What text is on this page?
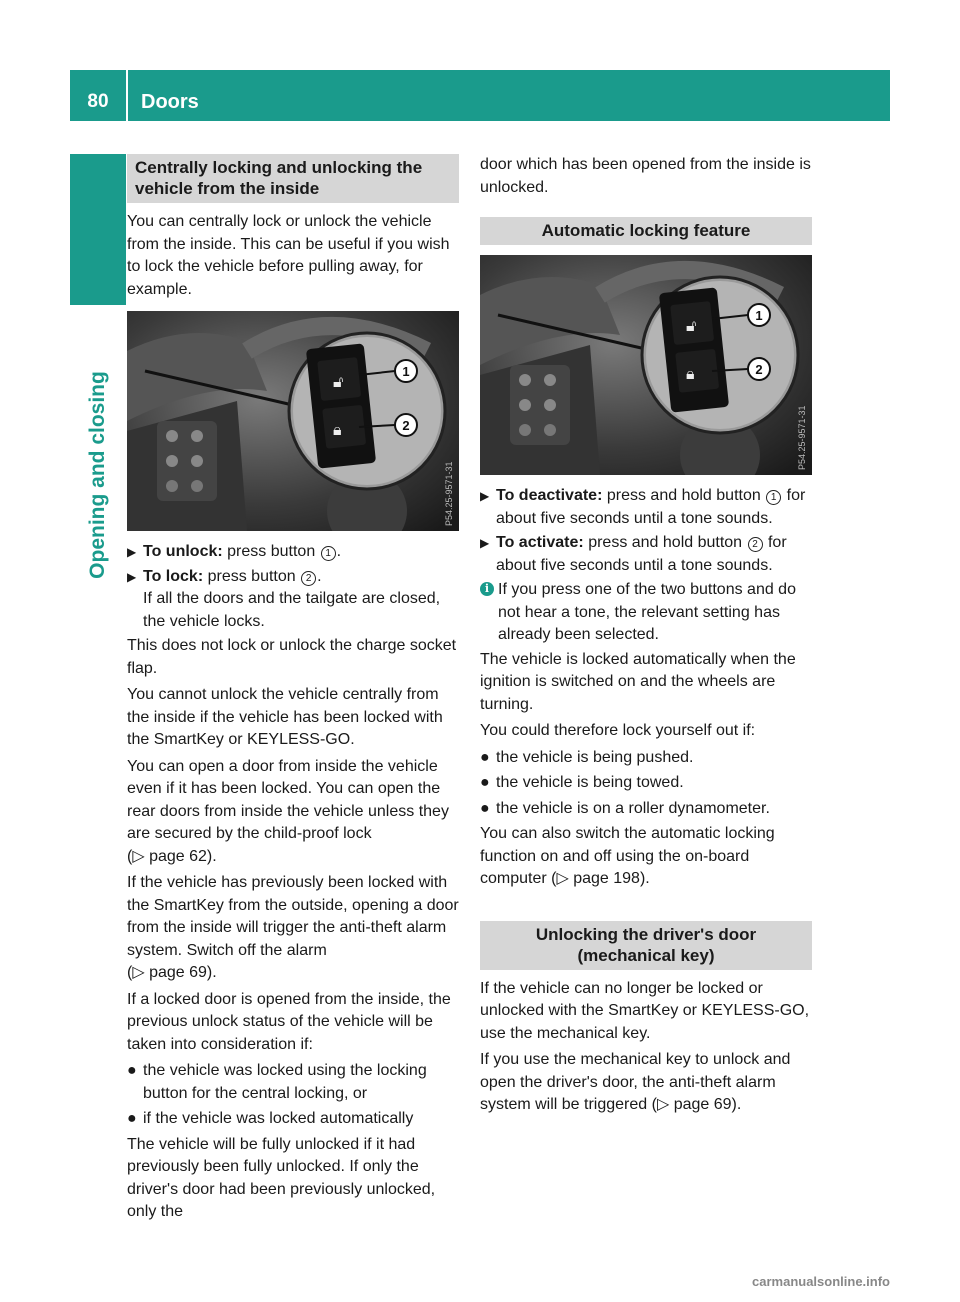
80	Doors
Opening and closing
Centrally locking and unlocking the vehicle from the inside

You can centrally lock or unlock the vehicle from the inside. This can be useful if you wish to lock the vehicle before pulling away, for example.

🔓︎
🔒︎
1
2
P54.25-9571-31
▶ To unlock: press button 1 .
▶ To lock: press button 2 .
If all the doors and the tailgate are closed, the vehicle locks.

This does not lock or unlock the charge socket flap.

You cannot unlock the vehicle centrally from the inside if the vehicle has been locked with the SmartKey or KEYLESS-GO.

You can open a door from inside the vehicle even if it has been locked. You can open the rear doors from inside the vehicle unless they are secured by the child-proof lock
(▷ page 62).

If the vehicle has previously been locked with the SmartKey from the outside, opening a door from the inside will trigger the anti-theft alarm system. Switch off the alarm
(▷ page 69).

If a locked door is opened from the inside, the previous unlock status of the vehicle will be taken into consideration if:

● the vehicle was locked using the locking button for the central locking, or
● if the vehicle was locked automatically

The vehicle will be fully unlocked if it had previously been fully unlocked. If only the driver's door had been previously unlocked, only the

door which has been opened from the inside is unlocked.

Automatic locking feature
🔓︎
🔒︎
1
2
P54.25-9571-31
▶ To deactivate: press and hold button 1 for about five seconds until a tone sounds.
▶ To activate: press and hold button 2 for about five seconds until a tone sounds.
i If you press one of the two buttons and do not hear a tone, the relevant setting has already been selected.

The vehicle is locked automatically when the ignition is switched on and the wheels are turning.

You could therefore lock yourself out if:

● the vehicle is being pushed.
● the vehicle is being towed.
● the vehicle is on a roller dynamometer.

You can also switch the automatic locking function on and off using the on-board computer (▷ page 198).

Unlocking the driver's door (mechanical key)

If the vehicle can no longer be locked or unlocked with the SmartKey or KEYLESS-GO, use the mechanical key.

If you use the mechanical key to unlock and open the driver's door, the anti-theft alarm system will be triggered (▷ page 69).

carmanualsonline.info
